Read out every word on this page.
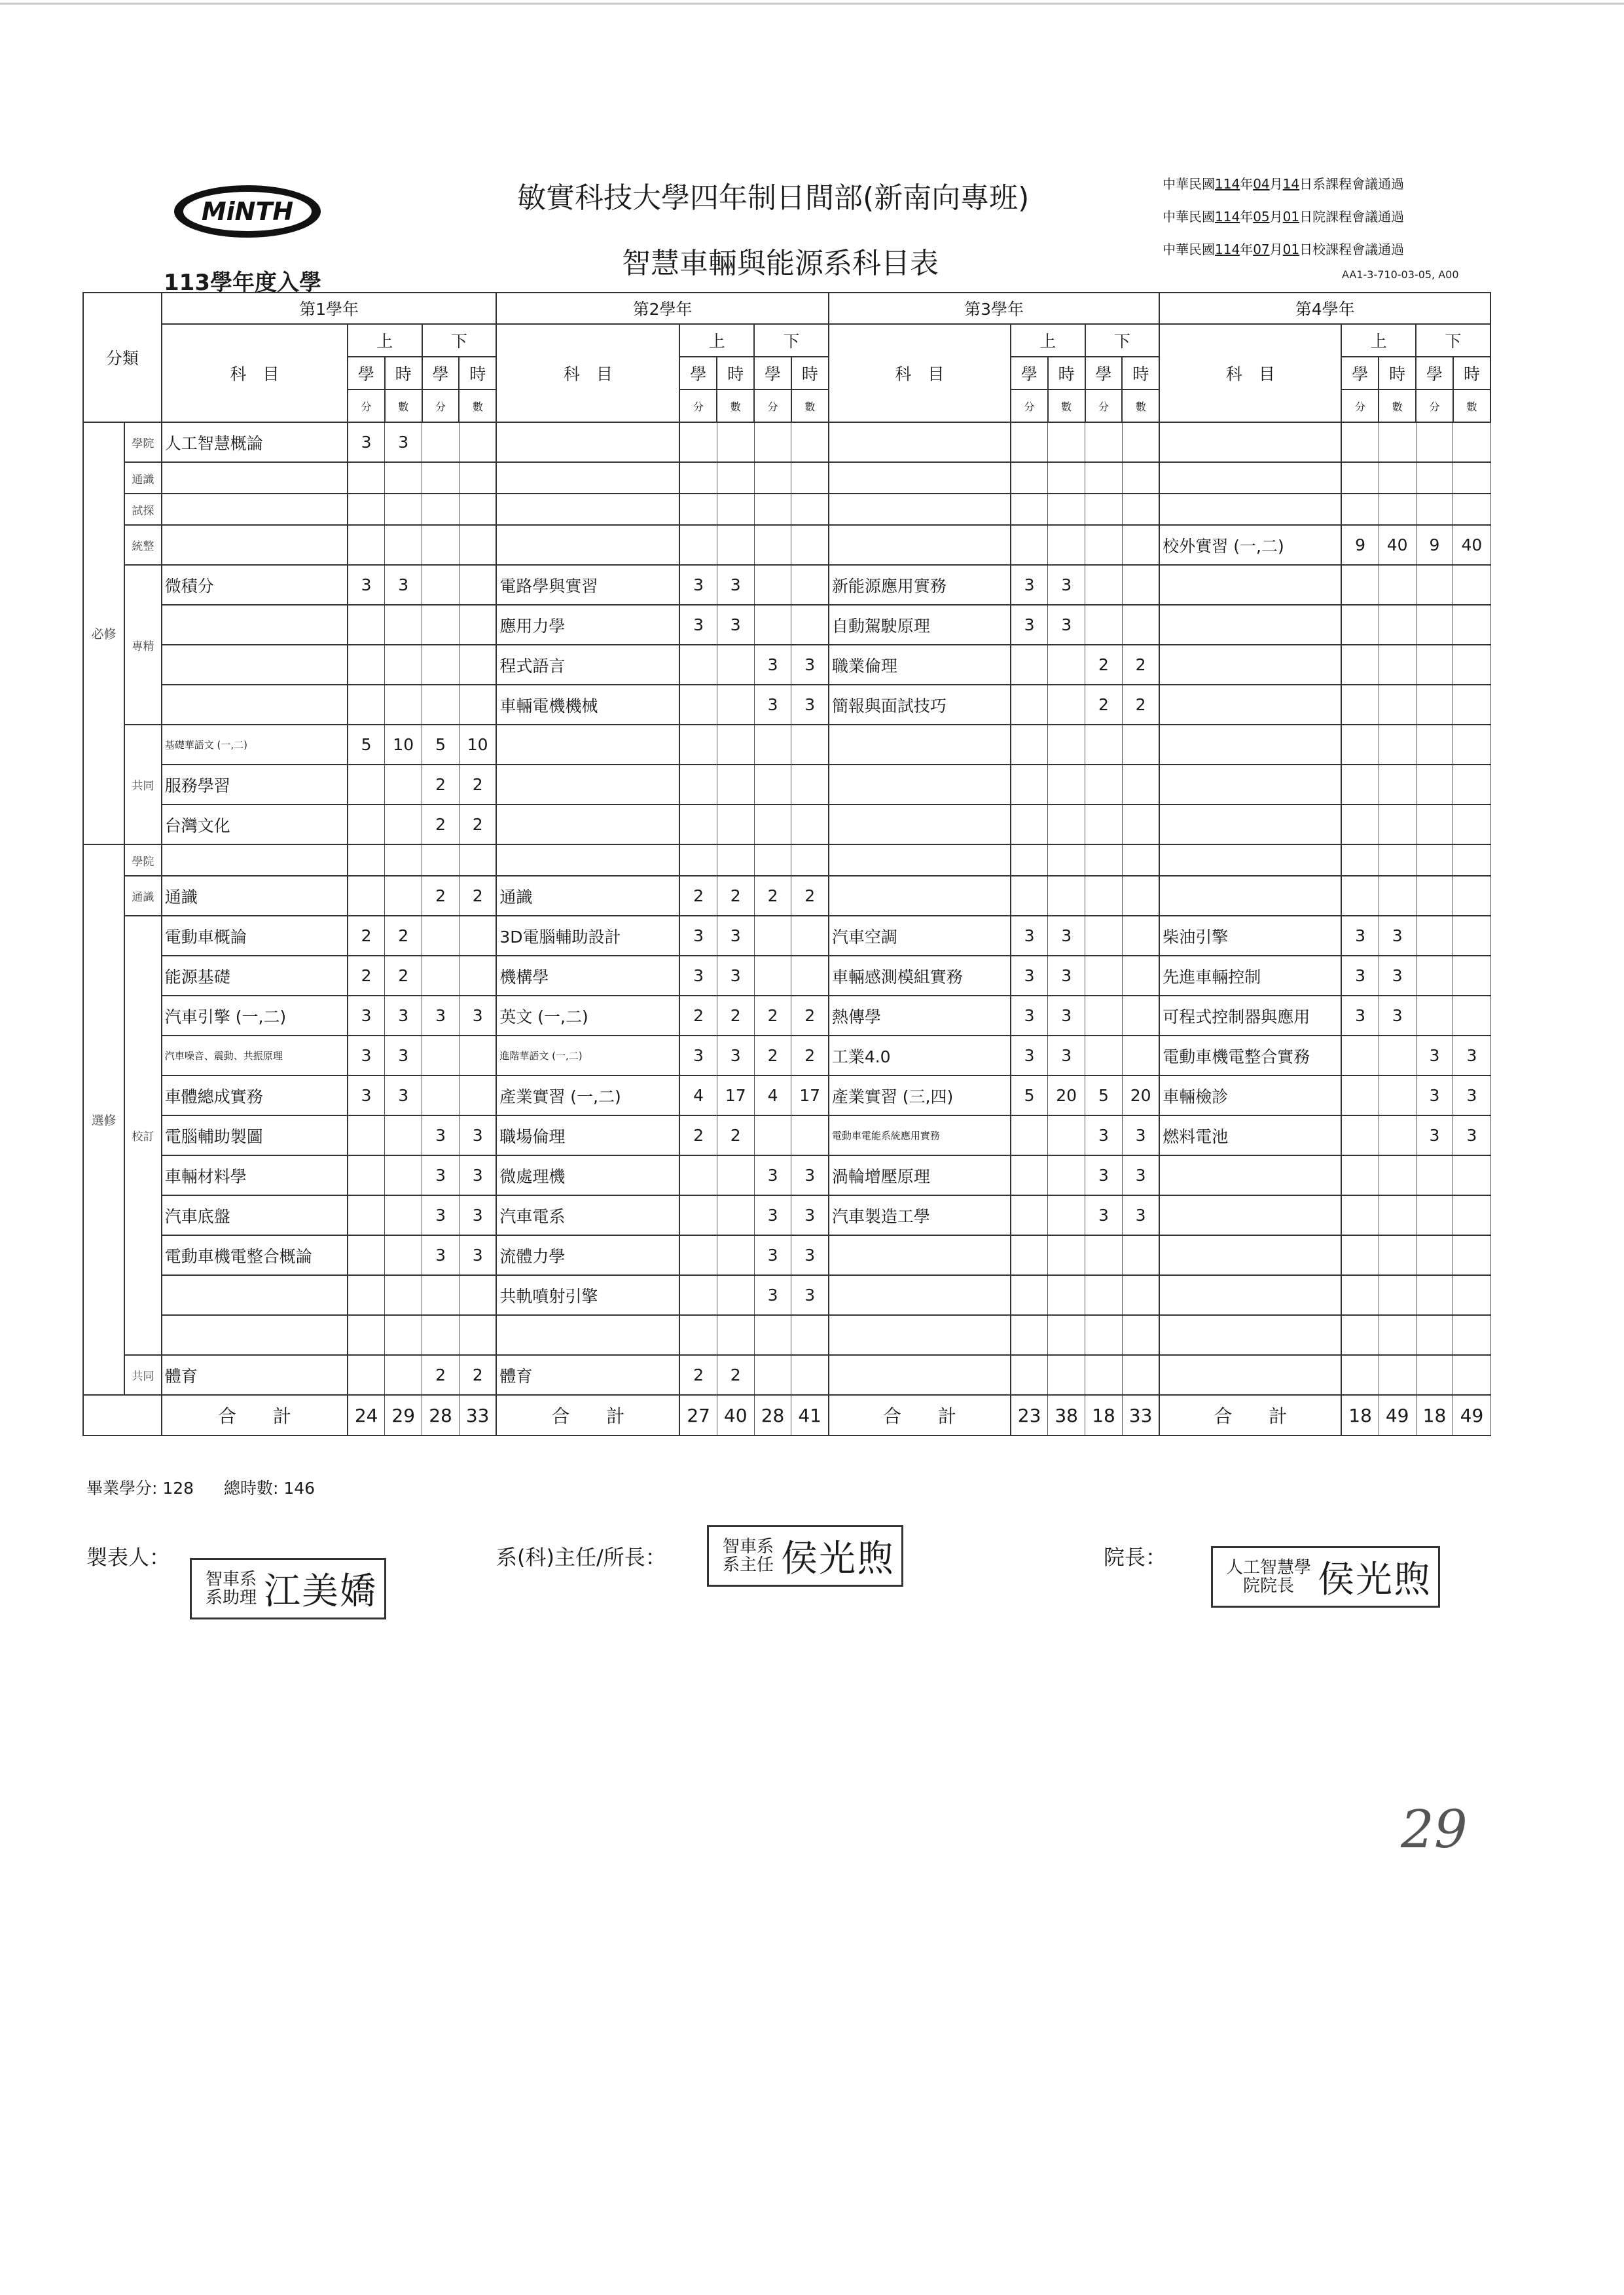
MiNTH	敏實科技大學四年制日間部(新南向專班)
智慧車輛與能源系科目表
113學年度入學
中華民國114年04月14日系課程會議通過
中華民國114年05月01日院課程會議通過
中華民國114年07月01日校課程會議通過
AA1-3-710-03-05, A00
分類		第1學年					第2學年					第3學年					第4學年				
		科　目	上		下		科　目	上		下		科　目	上		下		科　目	上		下	
			學	時	學	時		學	時	學	時		學	時	學	時		學	時	學	時
			分	數	分	數		分	數	分	數		分	數	分	數		分	數	分	數
必修	學院	人工智慧概論	3	3																	
	通識																				
	試探																				
	統整																校外實習 (一,二)	9	40	9	40
	專精	微積分	3	3			電路學與實習	3	3			新能源應用實務	3	3							
							應用力學	3	3			自動駕駛原理	3	3							
							程式語言			3	3	職業倫理			2	2					
							車輛電機機械			3	3	簡報與面試技巧			2	2					
	共同	基礎華語文 (一,二)	5	10	5	10															
		服務學習			2	2															
		台灣文化			2	2															
選修	學院																				
	通識	通識			2	2	通識	2	2	2	2										
	校訂	電動車概論	2	2			3D電腦輔助設計	3	3			汽車空調	3	3			柴油引擎	3	3		
		能源基礎	2	2			機構學	3	3			車輛感測模組實務	3	3			先進車輛控制	3	3		
		汽車引擎 (一,二)	3	3	3	3	英文 (一,二)	2	2	2	2	熱傳學	3	3			可程式控制器與應用	3	3		
		汽車噪音、震動、共振原理	3	3			進階華語文 (一,二)	3	3	2	2	工業4.0	3	3			電動車機電整合實務			3	3
		車體總成實務	3	3			產業實習 (一,二)	4	17	4	17	產業實習 (三,四)	5	20	5	20	車輛檢診			3	3
		電腦輔助製圖			3	3	職場倫理	2	2			電動車電能系統應用實務			3	3	燃料電池			3	3
		車輛材料學			3	3	微處理機			3	3	渦輪增壓原理			3	3					
		汽車底盤			3	3	汽車電系			3	3	汽車製造工學			3	3					
		電動車機電整合概論			3	3	流體力學			3	3										
							共軌噴射引擎			3	3										

	共同	體育			2	2	體育	2	2												
		合　　計	24	29	28	33	合　　計	27	40	28	41	合　　計	23	38	18	33	合　　計	18	49	18	49
畢業學分: 128 總時數: 146
製表人：
智車系系助理 江美嬌
系(科)主任/所長：	智車系系主任 侯光煦	院長：	人工智慧學院院長 侯光煦
29
